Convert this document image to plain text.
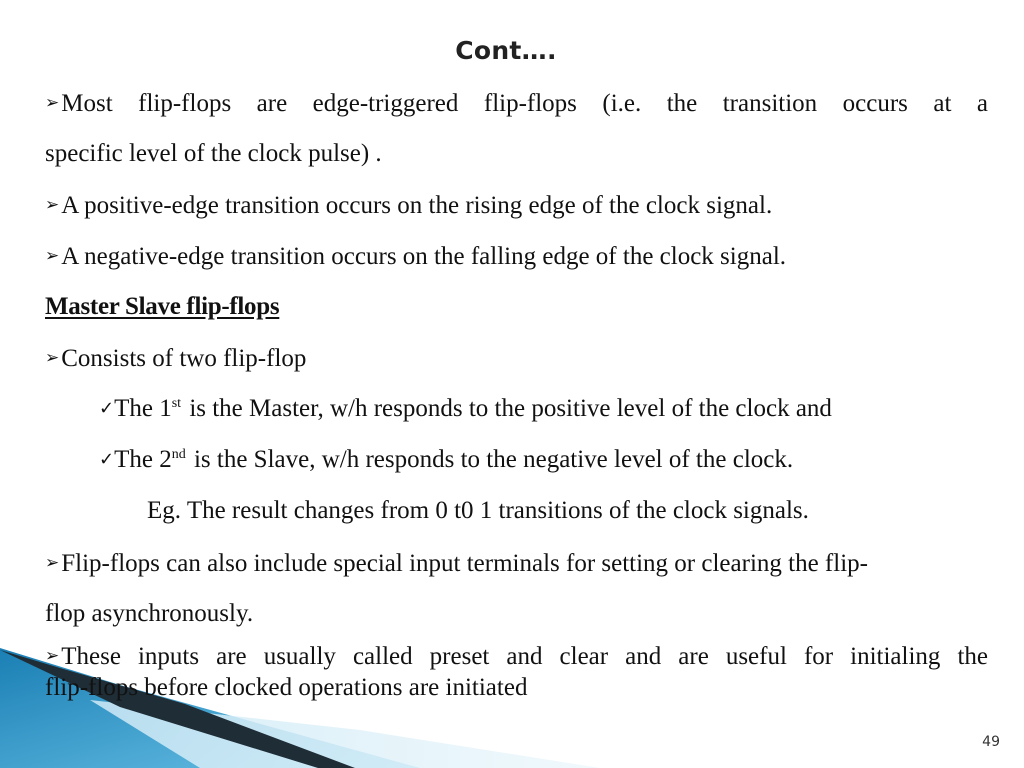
Cont….
➢Most flip-flops are edge-triggered flip-flops (i.e. the transition occurs at a
specific level of the clock pulse) .
➢A positive-edge transition occurs on the rising edge of the clock signal.
➢A negative-edge transition occurs on the falling edge of the clock signal.
Master Slave flip-flops
➢Consists of two flip-flop
✓The 1st is the Master, w/h responds to the positive level of the clock and
✓The 2nd is the Slave, w/h responds to the negative level of the clock.
Eg. The result changes from 0 t0 1 transitions of the clock signals.
➢Flip-flops can also include special input terminals for setting or clearing the flip-
flop asynchronously.
➢These inputs are usually called preset and clear and are useful for initialing the
flip-flops before clocked operations are initiated
49
